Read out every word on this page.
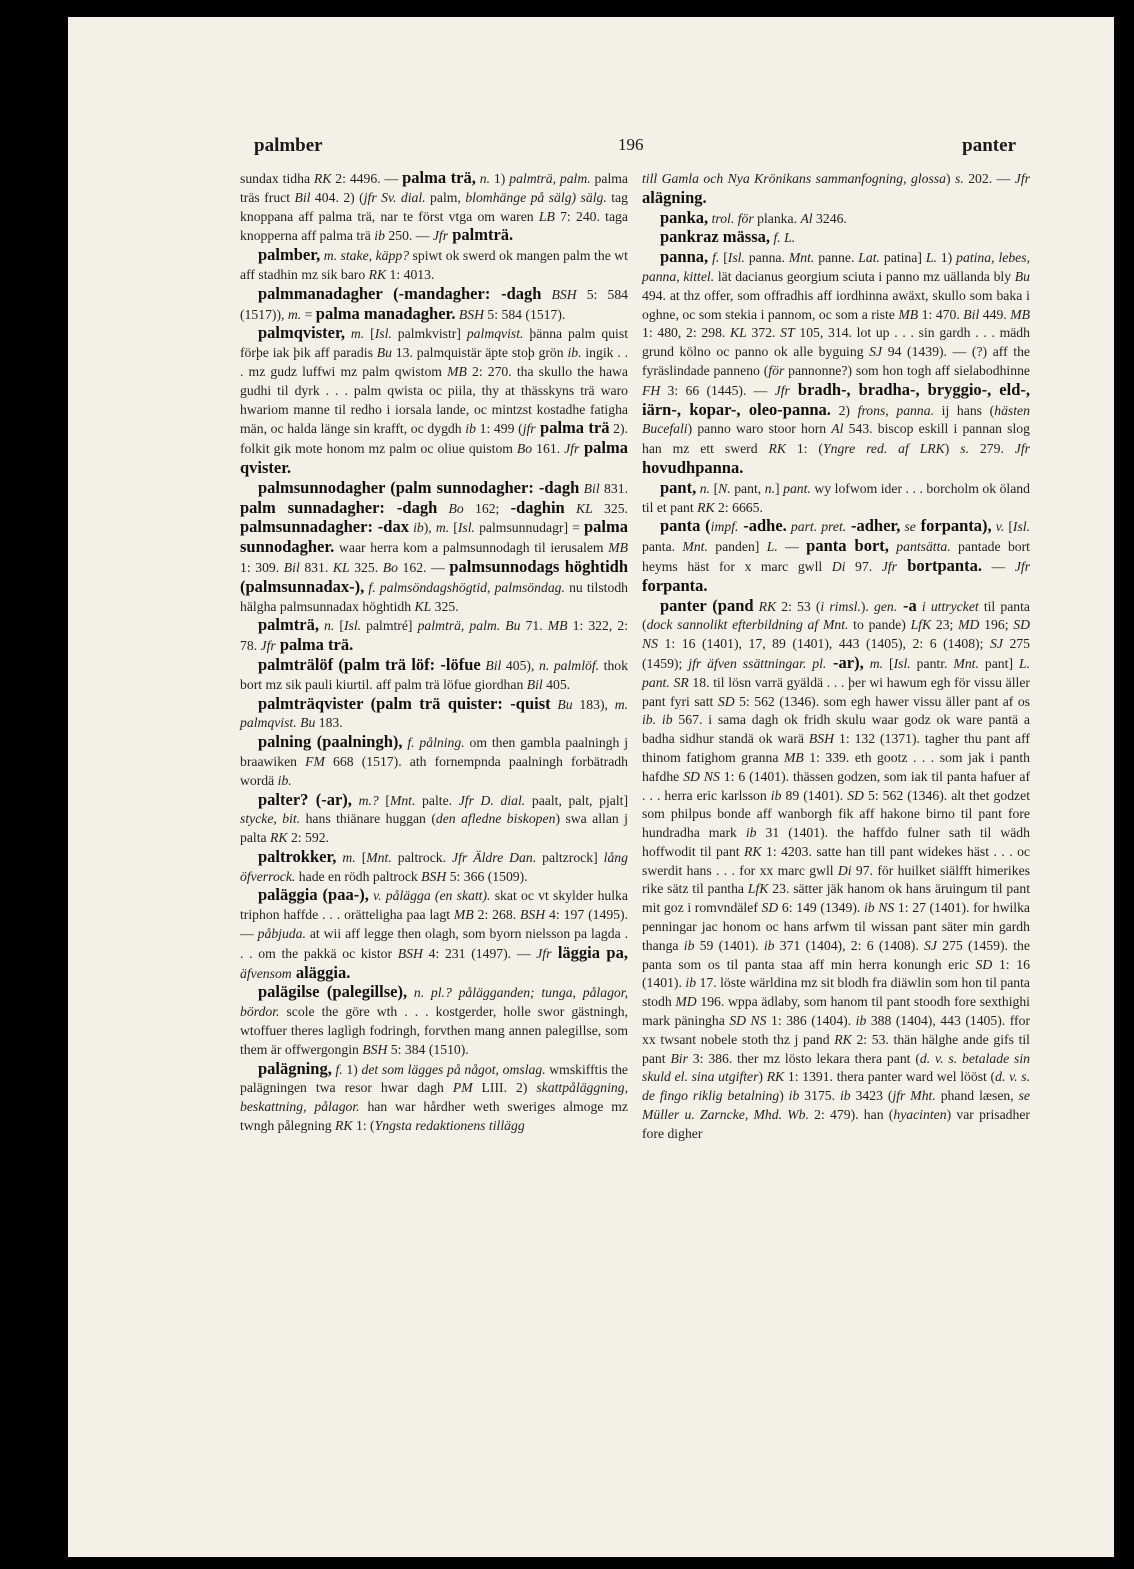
palmber	196	panter

sundax tidha RK 2: 4496. — palma trä, n. 1) palmträ, palm. palma träs fruct Bil 404. 2) (jfr Sv. dial. palm, blomhänge på sälg) sälg. tag knoppana aff palma trä, nar te först vtga om waren LB 7: 240. taga knopperna aff palma trä ib 250. — Jfr palmträ.

palmber, m. stake, käpp? spiwt ok swerd ok mangen palm the wt aff stadhin mz sik baro RK 1: 4013.

palmmanadagher (-mandagher: -dagh BSH 5: 584 (1517)), m. = palma manadagher. BSH 5: 584 (1517).

palmqvister, m. [Isl. palmkvistr] palmqvist. þänna palm quist förþe iak þik aff paradis Bu 13. palmquistär äpte stoþ grön ib. ingik . . . mz gudz luffwi mz palm qwistom MB 2: 270. tha skullo the hawa gudhi til dyrk . . . palm qwista oc piila, thy at thässkyns trä waro hwariom manne til redho i iorsala lande, oc mintzst kostadhe fatigha män, oc halda länge sin krafft, oc dygdh ib 1: 499 (jfr palma trä 2). folkit gik mote honom mz palm oc oliue quistom Bo 161. Jfr palma qvister.

palmsunnodagher (palm sunnodagher: -dagh Bil 831. palm sunnadagher: -dagh Bo 162; -daghin KL 325. palmsunnadagher: -dax ib), m. [Isl. palmsunnudagr] = palma sunnodagher. waar herra kom a palmsunnodagh til ierusalem MB 1: 309. Bil 831. KL 325. Bo 162. — palmsunnodags höghtidh (palmsunnadax-), f. palmsöndagshögtid, palmsöndag. nu tilstodh hälgha palmsunnadax höghtidh KL 325.

palmträ, n. [Isl. palmtré] palmträ, palm. Bu 71. MB 1: 322, 2: 78. Jfr palma trä.

palmträlöf (palm trä löf: -löfue Bil 405), n. palmlöf. thok bort mz sik pauli kiurtil. aff palm trä löfue giordhan Bil 405.

palmträqvister (palm trä quister: -quist Bu 183), m. palmqvist. Bu 183.

palning (paalningh), f. pålning. om then gambla paalningh j braawiken FM 668 (1517). ath fornempnda paalningh forbätradh wordä ib.

palter? (-ar), m.? [Mnt. palte. Jfr D. dial. paalt, palt, pjalt] stycke, bit. hans thiänare huggan (den afledne biskopen) swa allan j palta RK 2: 592.

paltrokker, m. [Mnt. paltrock. Jfr Äldre Dan. paltzrock] lång öfverrock. hade en rödh paltrock BSH 5: 366 (1509).

paläggia (paa-), v. pålägga (en skatt). skat oc vt skylder hulka triphon haffde . . . orätteligha paa lagt MB 2: 268. BSH 4: 197 (1495). — påbjuda. at wii aff legge then olagh, som byorn nielsson pa lagda . . . om the pakkä oc kistor BSH 4: 231 (1497). — Jfr läggia pa, äfvensom aläggia.

palägilse (palegillse), n. pl.? pålägganden; tunga, pålagor, bördor. scole the göre wth . . . kostgerder, holle swor gästningh, wtoffuer theres laglìgh fodringh, forvthen mang annen palegillse, som them är offwergongin BSH 5: 384 (1510).

palägning, f. 1) det som lägges på något, omslag. wmskifftis the palägningen twa resor hwar dagh PM LIII. 2) skattpåläggning, beskattning, pålagor. han war hårdher weth sweriges almoge mz twngh pålegning RK 1: (Yngsta redaktionens tillägg

till Gamla och Nya Krönikans sammanfogning, glossa) s. 202. — Jfr alägning.

panka, trol. för planka. Al 3246.

pankraz mässa, f. L.

panna, f. [Isl. panna. Mnt. panne. Lat. patina] L. 1) patina, lebes, panna, kittel. lät dacianus georgium sciuta i panno mz uällanda bly Bu 494. at thz offer, som offradhis aff iordhinna awäxt, skullo som baka i oghne, oc som stekia i pannom, oc som a riste MB 1: 470. Bil 449. MB 1: 480, 2: 298. KL 372. ST 105, 314. lot up . . . sin gardh . . . mädh grund kölno oc panno ok alle byguing SJ 94 (1439). — (?) aff the fyräslindade panneno (för pannonne?) som hon togh aff sielabodhinne FH 3: 66 (1445). — Jfr bradh-, bradha-, bryggio-, eld-, iärn-, kopar-, oleo-panna. 2) frons, panna. ij hans (hästen Bucefali) panno waro stoor horn Al 543. biscop eskill i pannan slog han mz ett swerd RK 1: (Yngre red. af LRK) s. 279. Jfr hovudhpanna.

pant, n. [N. pant, n.] pant. wy lofwom ider . . . borcholm ok öland til et pant RK 2: 6665.

panta (impf. -adhe. part. pret. -adher, se forpanta), v. [Isl. panta. Mnt. panden] L. — panta bort, pantsätta. pantade bort heyms häst for x marc gwll Di 97. Jfr bortpanta. — Jfr forpanta.

panter (pand RK 2: 53 (i rimsl.). gen. -a i uttrycket til panta (dock sannolikt efterbildning af Mnt. to pande) LfK 23; MD 196; SD NS 1: 16 (1401), 17, 89 (1401), 443 (1405), 2: 6 (1408); SJ 275 (1459); jfr äfven ssättningar. pl. -ar), m. [Isl. pantr. Mnt. pant] L. pant. SR 18. til lösn varrä gyäldä . . . þer wi hawum egh för vissu äller pant fyri satt SD 5: 562 (1346). som egh hawer vissu äller pant af os ib. ib 567. i sama dagh ok fridh skulu waar godz ok ware pantä a badha sidhur standä ok warä BSH 1: 132 (1371). tagher thu pant aff thinom fatighom granna MB 1: 339. eth gootz . . . som jak i panth hafdhe SD NS 1: 6 (1401). thässen godzen, som iak til panta hafuer af . . . herra eric karlsson ib 89 (1401). SD 5: 562 (1346). alt thet godzet som philpus bonde aff wanborgh fik aff hakone birno til pant fore hundradha mark ib 31 (1401). the haffdo fulner sath til wädh hoffwodit til pant RK 1: 4203. satte han till pant widekes häst . . . oc swerdit hans . . . for xx marc gwll Di 97. för huilket siälfft himerikes rike sätz til pantha LfK 23. sätter jäk hanom ok hans äruingum til pant mit goz i romvndälef SD 6: 149 (1349). ib NS 1: 27 (1401). for hwilka penningar jac honom oc hans arfwm til wissan pant säter min gardh thanga ib 59 (1401). ib 371 (1404), 2: 6 (1408). SJ 275 (1459). the panta som os til panta staa aff min herra konungh eric SD 1: 16 (1401). ib 17. löste wärldina mz sit blodh fra diäwlin som hon til panta stodh MD 196. wppa ädlaby, som hanom til pant stoodh fore sexthighi mark päningha SD NS 1: 386 (1404). ib 388 (1404), 443 (1405). ffor xx twsant nobele stoth thz j pand RK 2: 53. thän hälghe ande gifs til pant Bir 3: 386. ther mz lösto lekara thera pant (d. v. s. betalade sin skuld el. sina utgifter) RK 1: 1391. thera panter ward wel lööst (d. v. s. de fingo riklig betalning) ib 3175. ib 3423 (jfr Mht. phand læsen, se Müller u. Zarncke, Mhd. Wb. 2: 479). han (hyacinten) var prisadher fore digher
